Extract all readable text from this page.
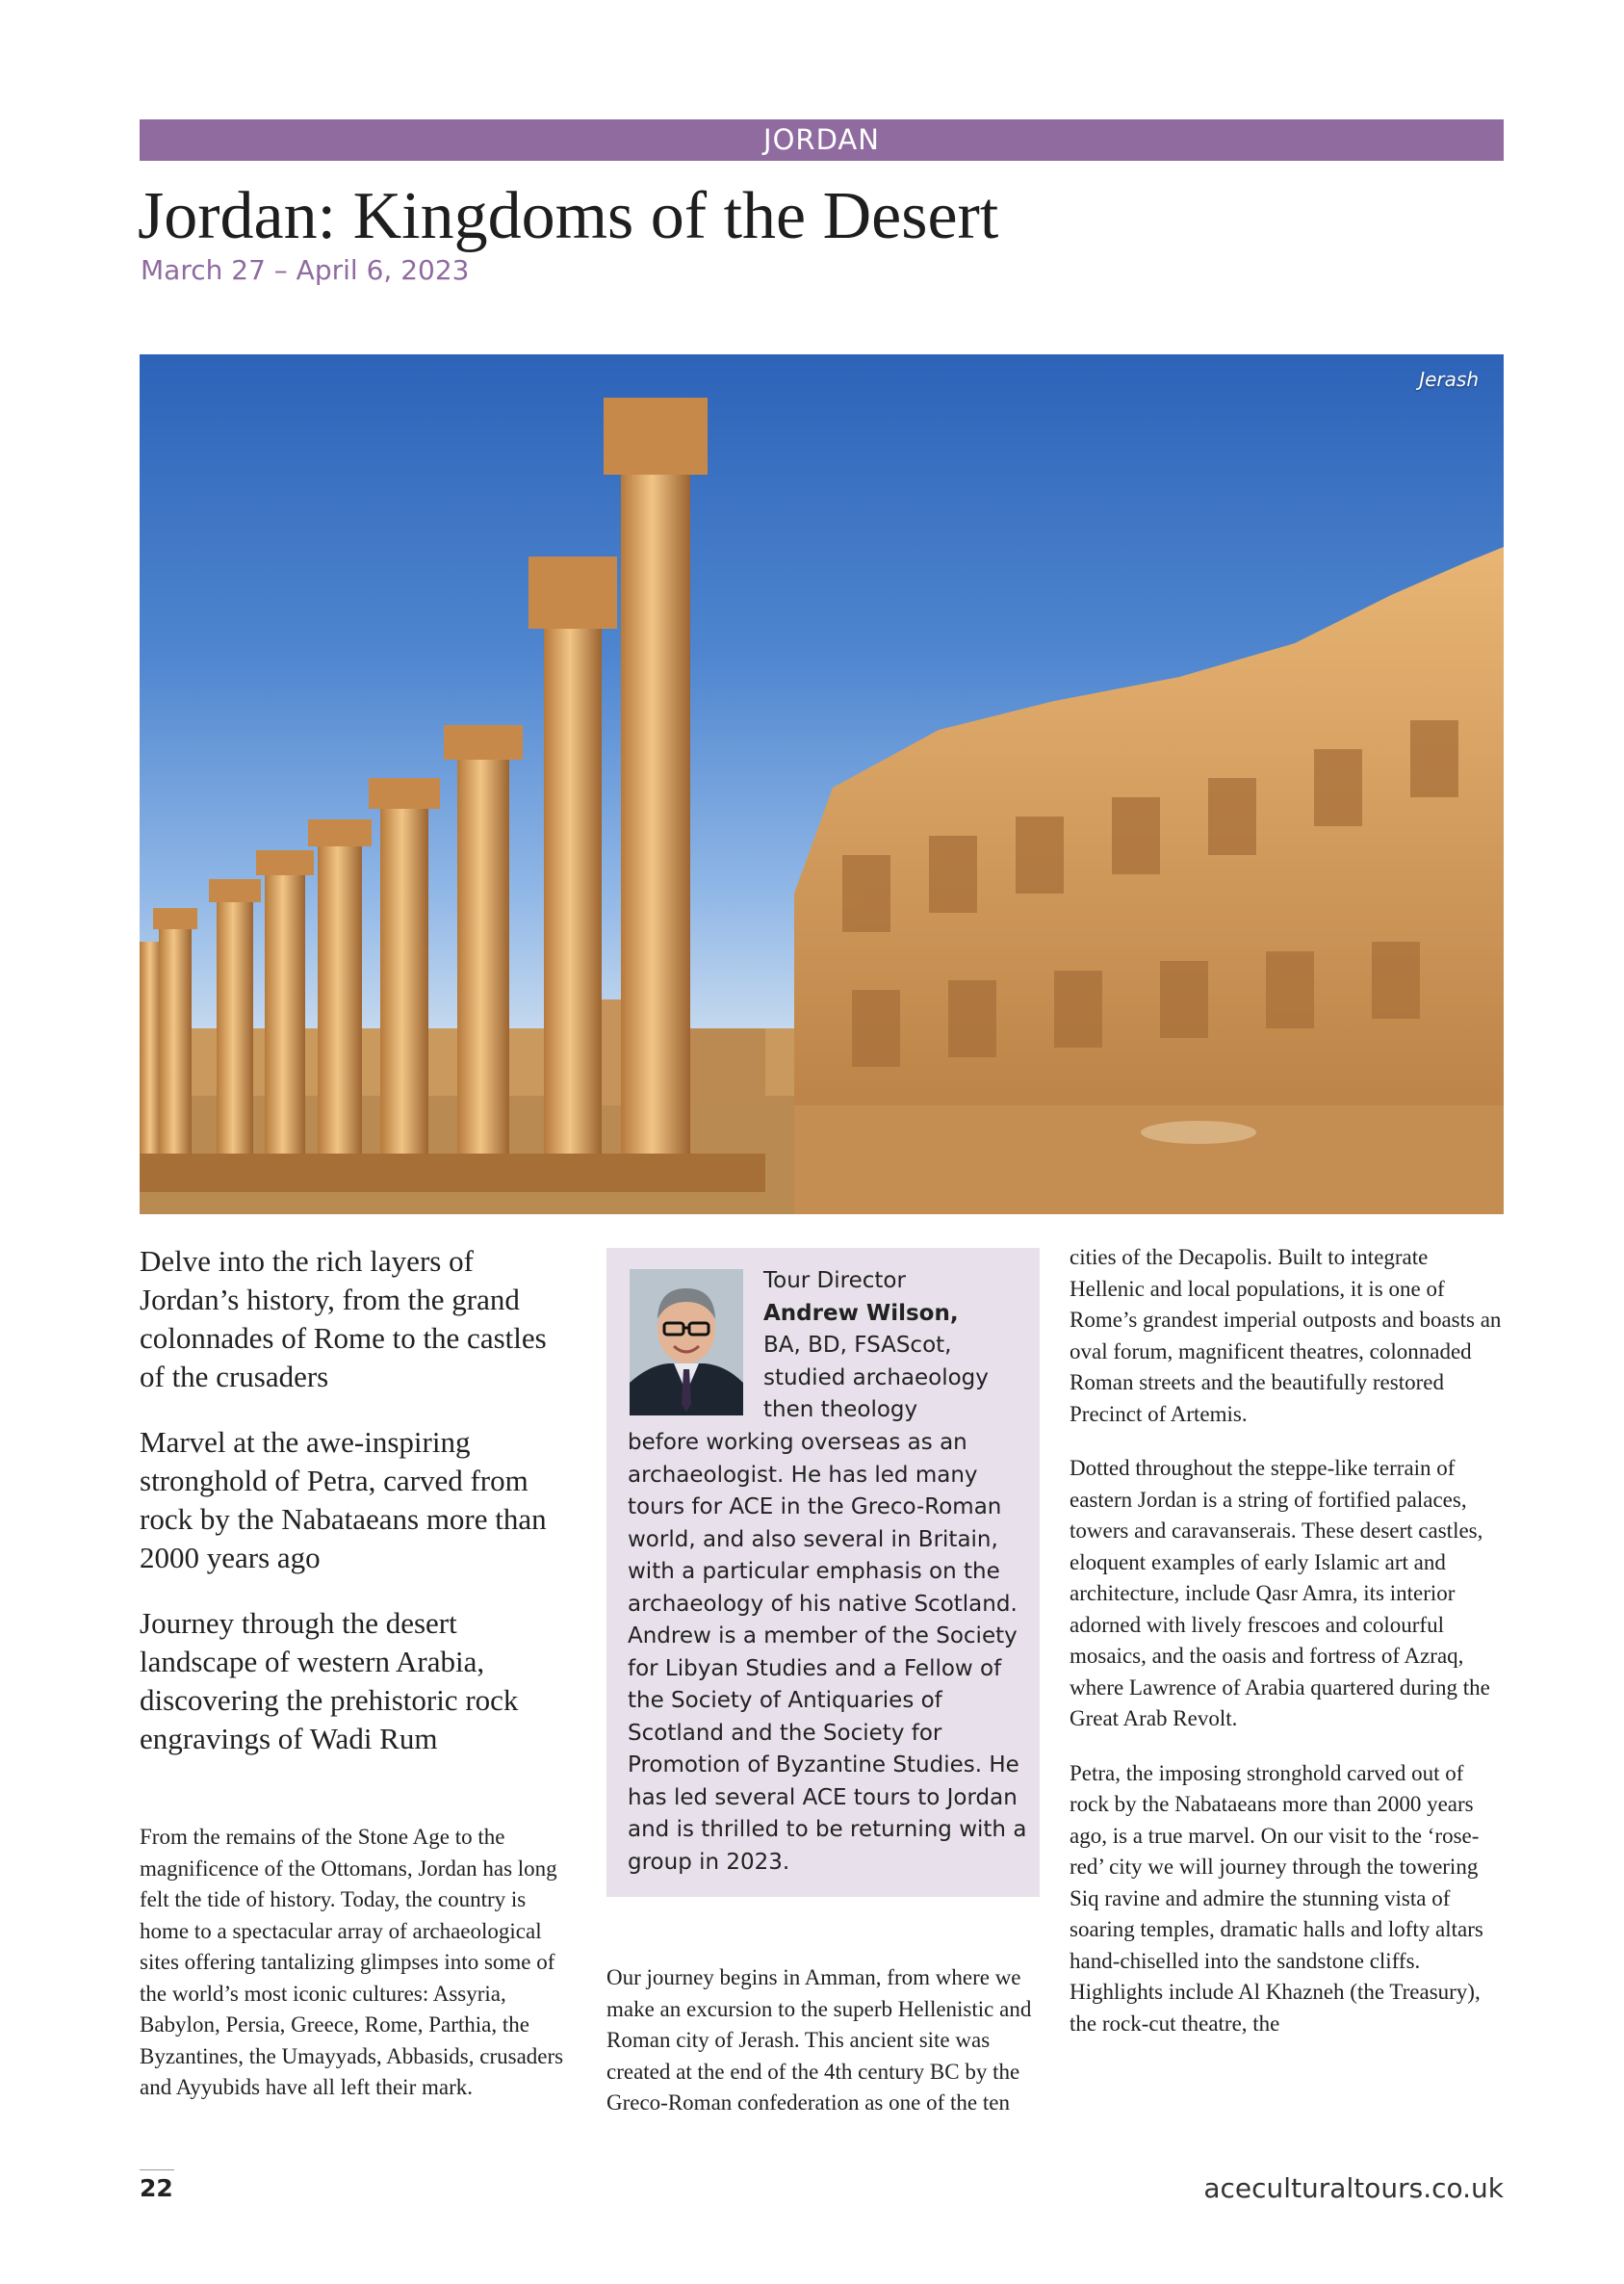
JORDAN
Jordan: Kingdoms of the Desert
March 27 – April 6, 2023
Jerash

Delve into the rich layers of Jordan’s history, from the grand colonnades of Rome to the castles of the crusaders

Marvel at the awe-inspiring stronghold of Petra, carved from rock by the Nabataeans more than 2000 years ago

Journey through the desert landscape of western Arabia, discovering the prehistoric rock engravings of Wadi Rum

From the remains of the Stone Age to the magnificence of the Ottomans, Jordan has long felt the tide of history. Today, the country is home to a spectacular array of archaeological sites offering tantalizing glimpses into some of the world’s most iconic cultures: Assyria, Babylon, Persia, Greece, Rome, Parthia, the Byzantines, the Umayyads, Abbasids, crusaders and Ayyubids have all left their mark.

Tour Director
Andrew Wilson,
BA, BD, FSAScot,
studied archaeology
then theology
before working overseas as an archaeologist. He has led many tours for ACE in the Greco-Roman world, and also several in Britain, with a particular emphasis on the archaeology of his native Scotland. Andrew is a member of the Society for Libyan Studies and a Fellow of the Society of Antiquaries of Scotland and the Society for Promotion of Byzantine Studies. He has led several ACE tours to Jordan and is thrilled to be returning with a group in 2023.

Our journey begins in Amman, from where we make an excursion to the superb Hellenistic and Roman city of Jerash. This ancient site was created at the end of the 4th century BC by the Greco-Roman confederation as one of the ten

cities of the Decapolis. Built to integrate Hellenic and local populations, it is one of Rome’s grandest imperial outposts and boasts an oval forum, magnificent theatres, colonnaded Roman streets and the beautifully restored Precinct of Artemis.

Dotted throughout the steppe-like terrain of eastern Jordan is a string of fortified palaces, towers and caravanserais. These desert castles, eloquent examples of early Islamic art and architecture, include Qasr Amra, its interior adorned with lively frescoes and colourful mosaics, and the oasis and fortress of Azraq, where Lawrence of Arabia quartered during the Great Arab Revolt.

Petra, the imposing stronghold carved out of rock by the Nabataeans more than 2000 years ago, is a true marvel. On our visit to the ‘rose-red’ city we will journey through the towering Siq ravine and admire the stunning vista of soaring temples, dramatic halls and lofty altars hand-chiselled into the sandstone cliffs. Highlights include Al Khazneh (the Treasury), the rock-cut theatre, the

22	aceculturaltours.co.uk
